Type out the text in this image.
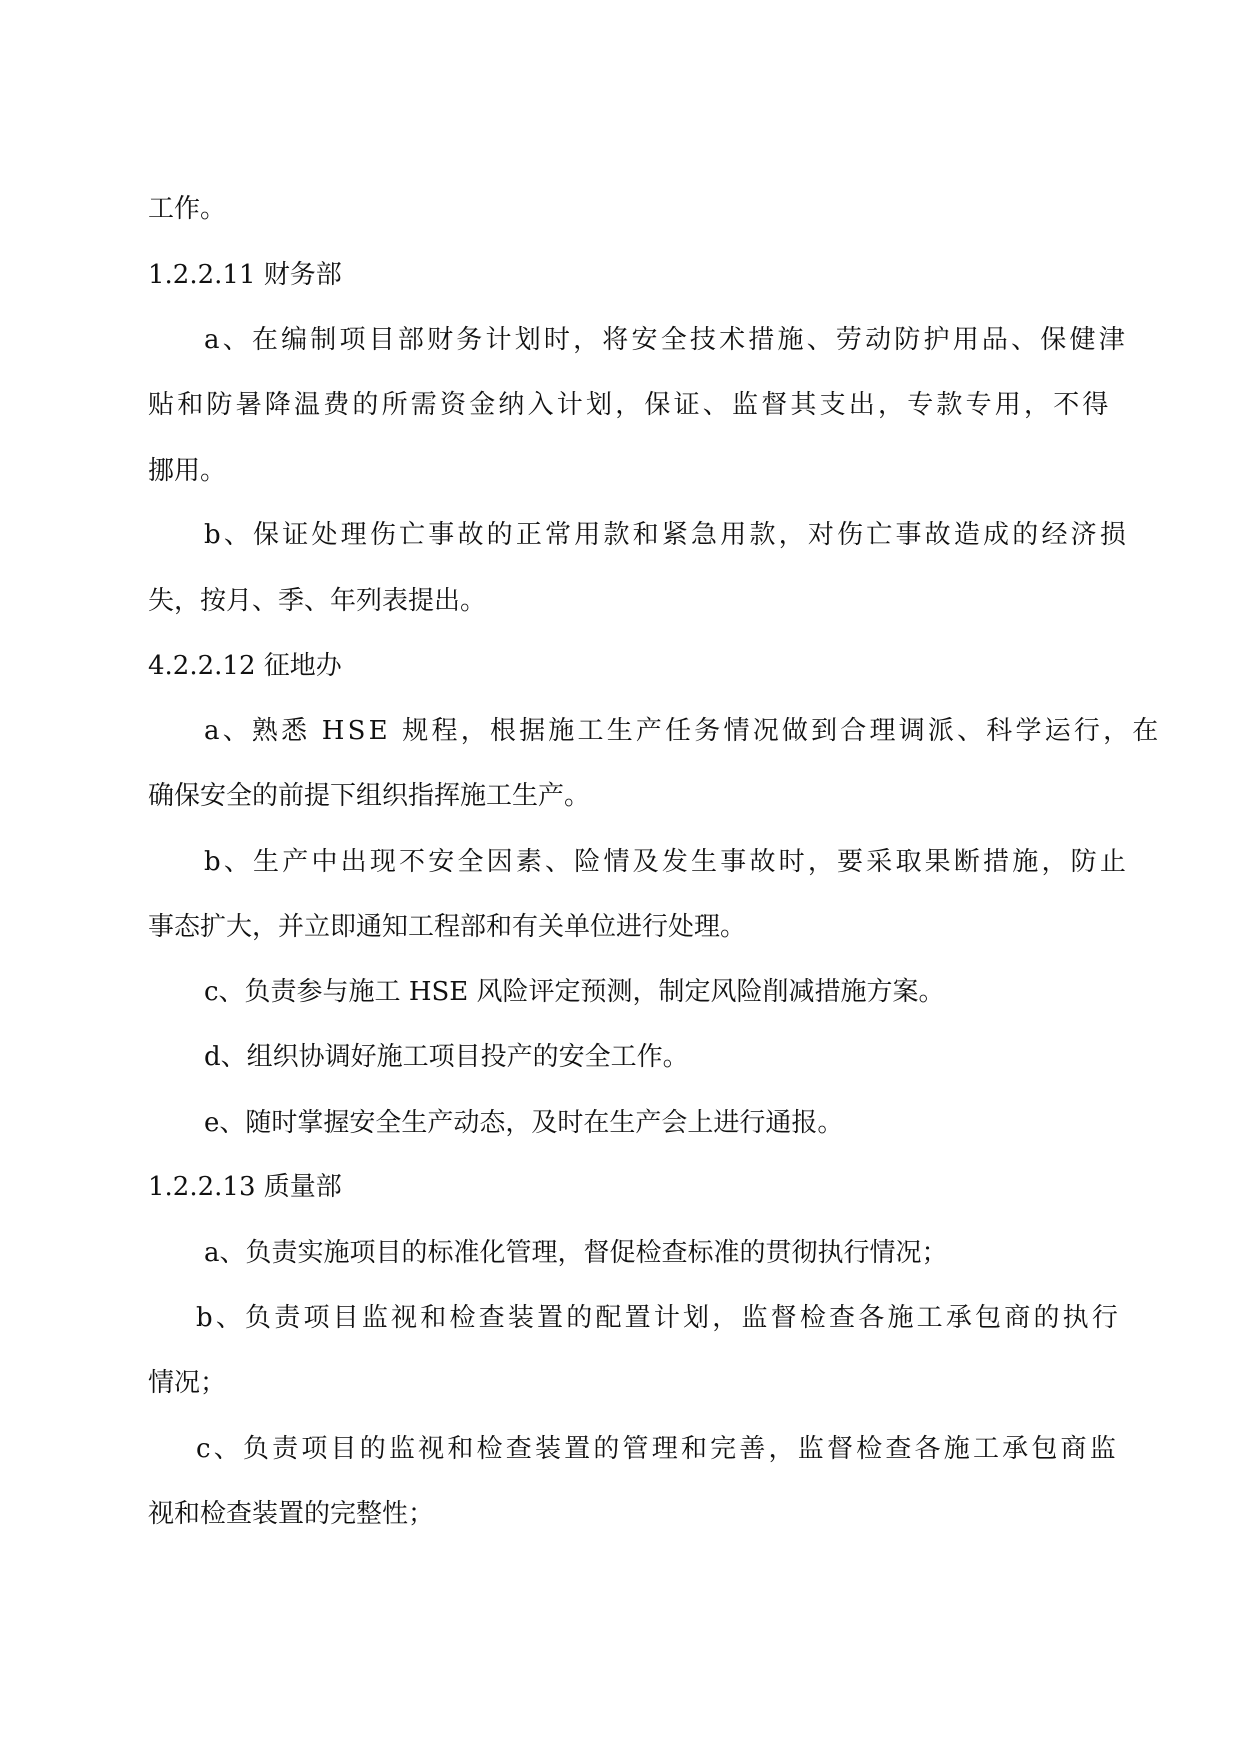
工作。
1.2.2.11 财务部
a、在编制项目部财务计划时，将安全技术措施、劳动防护用品、保健津
贴和防暑降温费的所需资金纳入计划，保证、监督其支出，专款专用，不得
挪用。
b、保证处理伤亡事故的正常用款和紧急用款，对伤亡事故造成的经济损
失，按月、季、年列表提出。
4.2.2.12 征地办
a、熟悉 HSE 规程，根据施工生产任务情况做到合理调派、科学运行，在
确保安全的前提下组织指挥施工生产。
b、生产中出现不安全因素、险情及发生事故时，要采取果断措施，防止
事态扩大，并立即通知工程部和有关单位进行处理。
c、负责参与施工 HSE 风险评定预测，制定风险削减措施方案。
d、组织协调好施工项目投产的安全工作。
e、随时掌握安全生产动态，及时在生产会上进行通报。
1.2.2.13 质量部
a、负责实施项目的标准化管理，督促检查标准的贯彻执行情况；
b、负责项目监视和检查装置的配置计划，监督检查各施工承包商的执行
情况；
c、负责项目的监视和检查装置的管理和完善，监督检查各施工承包商监
视和检查装置的完整性；
